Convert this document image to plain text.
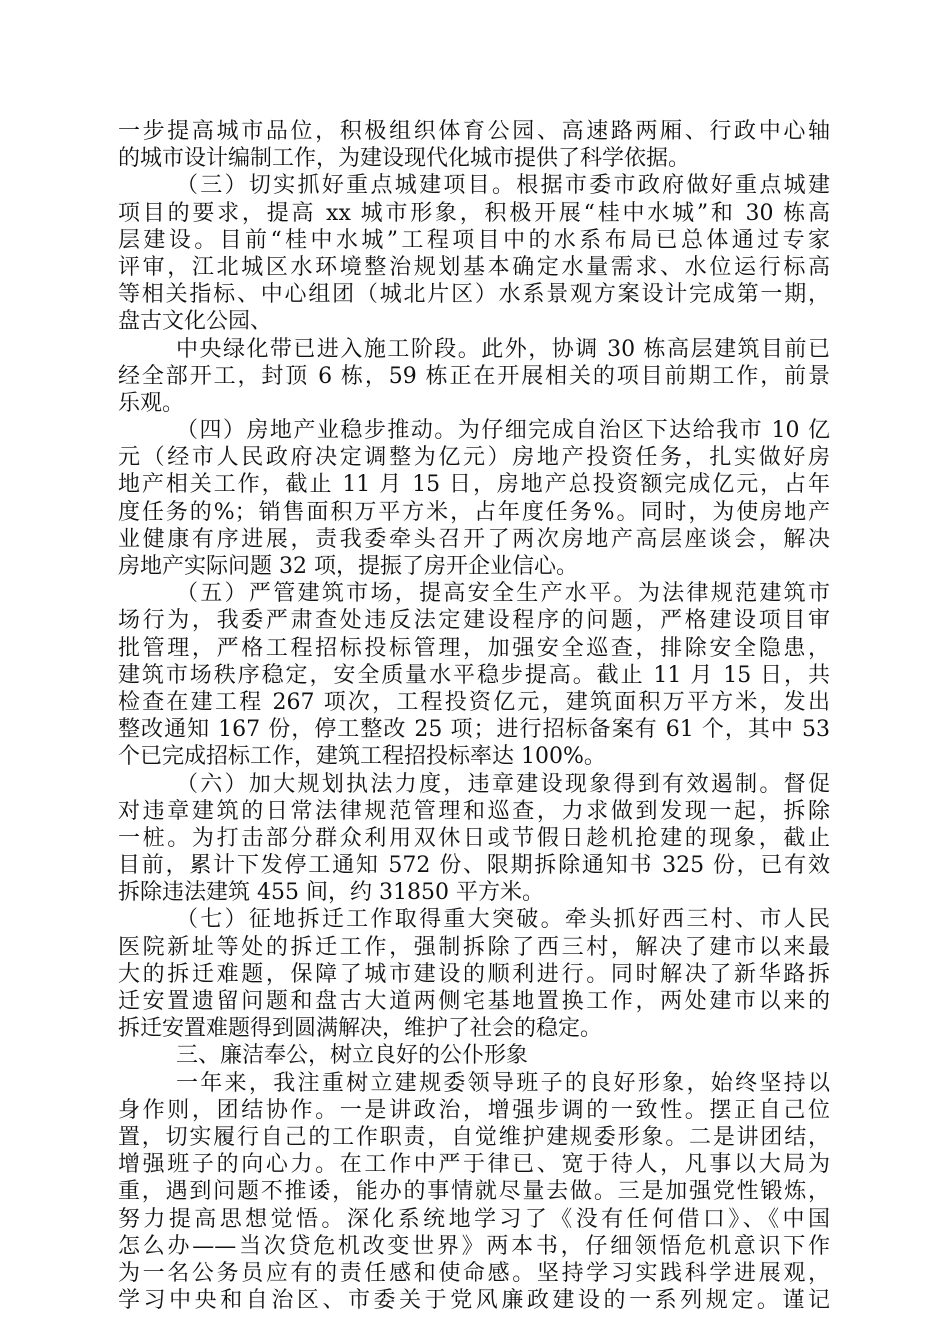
一步提高城市品位，积极组织体育公园、高速路两厢、行政中心轴
的城市设计编制工作，为建设现代化城市提供了科学依据。
（三）切实抓好重点城建项目。根据市委市政府做好重点城建
项目的要求，提高 xx 城市形象，积极开展“桂中水城”和 30 栋高
层建设。目前“桂中水城”工程项目中的水系布局已总体通过专家
评审，江北城区水环境整治规划基本确定水量需求、水位运行标高
等相关指标、中心组团（城北片区）水系景观方案设计完成第一期，
盘古文化公园、
中央绿化带已进入施工阶段。此外，协调 30 栋高层建筑目前已
经全部开工，封顶 6 栋，59 栋正在开展相关的项目前期工作，前景
乐观。
（四）房地产业稳步推动。为仔细完成自治区下达给我市 10 亿
元（经市人民政府决定调整为亿元）房地产投资任务，扎实做好房
地产相关工作，截止 11 月 15 日，房地产总投资额完成亿元，占年
度任务的%；销售面积万平方米，占年度任务%。同时，为使房地产
业健康有序进展，责我委牵头召开了两次房地产高层座谈会，解决
房地产实际问题 32 项，提振了房开企业信心。
（五）严管建筑市场，提高安全生产水平。为法律规范建筑市
场行为，我委严肃查处违反法定建设程序的问题，严格建设项目审
批管理，严格工程招标投标管理，加强安全巡查，排除安全隐患，
建筑市场秩序稳定，安全质量水平稳步提高。截止 11 月 15 日，共
检查在建工程 267 项次，工程投资亿元，建筑面积万平方米，发出
整改通知 167 份，停工整改 25 项；进行招标备案有 61 个，其中 53
个已完成招标工作，建筑工程招投标率达 100%。
（六）加大规划执法力度，违章建设现象得到有效遏制。督促
对违章建筑的日常法律规范管理和巡查，力求做到发现一起，拆除
一桩。为打击部分群众利用双休日或节假日趁机抢建的现象，截止
目前，累计下发停工通知 572 份、限期拆除通知书 325 份，已有效
拆除违法建筑 455 间，约 31850 平方米。
（七）征地拆迁工作取得重大突破。牵头抓好西三村、市人民
医院新址等处的拆迁工作，强制拆除了西三村，解决了建市以来最
大的拆迁难题，保障了城市建设的顺利进行。同时解决了新华路拆
迁安置遗留问题和盘古大道两侧宅基地置换工作，两处建市以来的
拆迁安置难题得到圆满解决，维护了社会的稳定。
三、廉洁奉公，树立良好的公仆形象
一年来，我注重树立建规委领导班子的良好形象，始终坚持以
身作则，团结协作。一是讲政治，增强步调的一致性。摆正自己位
置，切实履行自己的工作职责，自觉维护建规委形象。二是讲团结，
增强班子的向心力。在工作中严于律已、宽于待人，凡事以大局为
重，遇到问题不推诿，能办的事情就尽量去做。三是加强党性锻炼，
努力提高思想觉悟。深化系统地学习了《没有任何借口》、《中国
怎么办——当次贷危机改变世界》两本书，仔细领悟危机意识下作
为一名公务员应有的责任感和使命感。坚持学习实践科学进展观，
学习中央和自治区、市委关于党风廉政建设的一系列规定。谨记
